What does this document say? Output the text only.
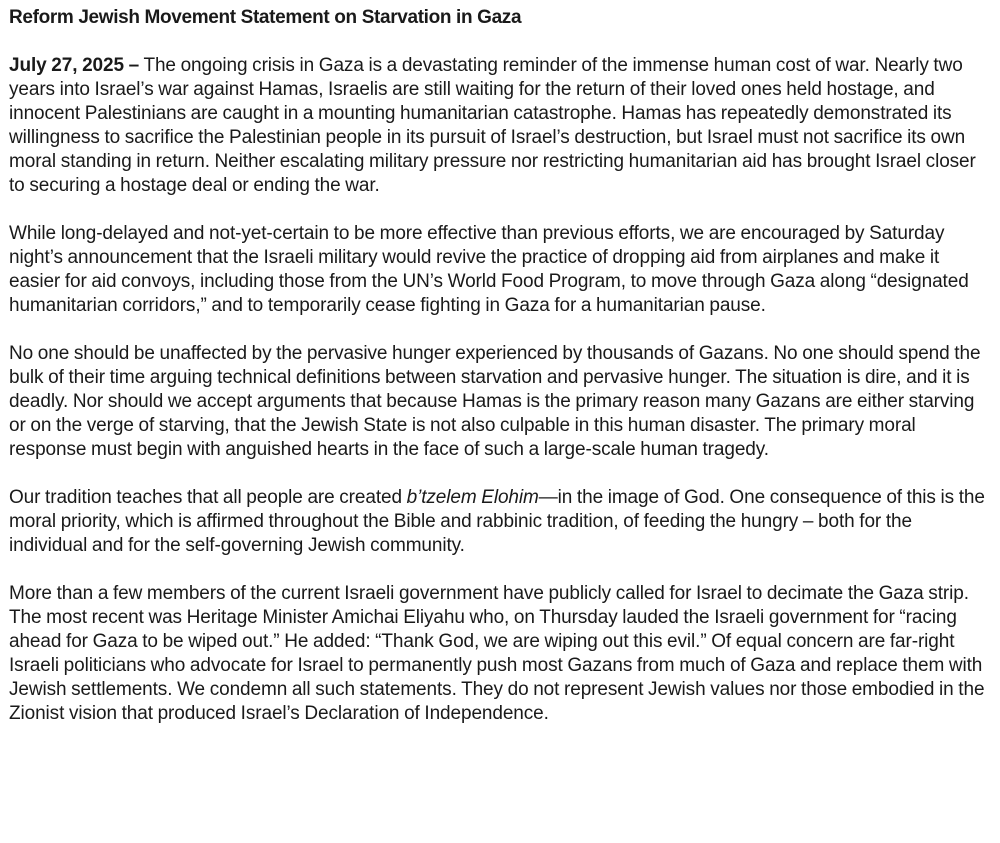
Reform Jewish Movement Statement on Starvation in Gaza

July 27, 2025 – The ongoing crisis in Gaza is a devastating reminder of the immense human cost of war. Nearly two years into Israel’s war against Hamas, Israelis are still waiting for the return of their loved ones held hostage, and innocent Palestinians are caught in a mounting humanitarian catastrophe. Hamas has repeatedly demonstrated its willingness to sacrifice the Palestinian people in its pursuit of Israel’s destruction, but Israel must not sacrifice its own moral standing in return. Neither escalating military pressure nor restricting humanitarian aid has brought Israel closer to securing a hostage deal or ending the war.

While long-delayed and not-yet-certain to be more effective than previous efforts, we are encouraged by Saturday night’s announcement that the Israeli military would revive the practice of dropping aid from airplanes and make it easier for aid convoys, including those from the UN’s World Food Program, to move through Gaza along “designated humanitarian corridors,” and to temporarily cease fighting in Gaza for a humanitarian pause.

No one should be unaffected by the pervasive hunger experienced by thousands of Gazans. No one should spend the bulk of their time arguing technical definitions between starvation and pervasive hunger. The situation is dire, and it is deadly. Nor should we accept arguments that because Hamas is the primary reason many Gazans are either starving or on the verge of starving, that the Jewish State is not also culpable in this human disaster. The primary moral response must begin with anguished hearts in the face of such a large-scale human tragedy.

Our tradition teaches that all people are created b’tzelem Elohim—in the image of God. One consequence of this is the moral priority, which is affirmed throughout the Bible and rabbinic tradition, of feeding the hungry – both for the individual and for the self-governing Jewish community.

More than a few members of the current Israeli government have publicly called for Israel to decimate the Gaza strip. The most recent was Heritage Minister Amichai Eliyahu who, on Thursday lauded the Israeli government for “racing ahead for Gaza to be wiped out.” He added: “Thank God, we are wiping out this evil.” Of equal concern are far-right Israeli politicians who advocate for Israel to permanently push most Gazans from much of Gaza and replace them with Jewish settlements. We condemn all such statements. They do not represent Jewish values nor those embodied in the Zionist vision that produced Israel’s Declaration of Independence.
